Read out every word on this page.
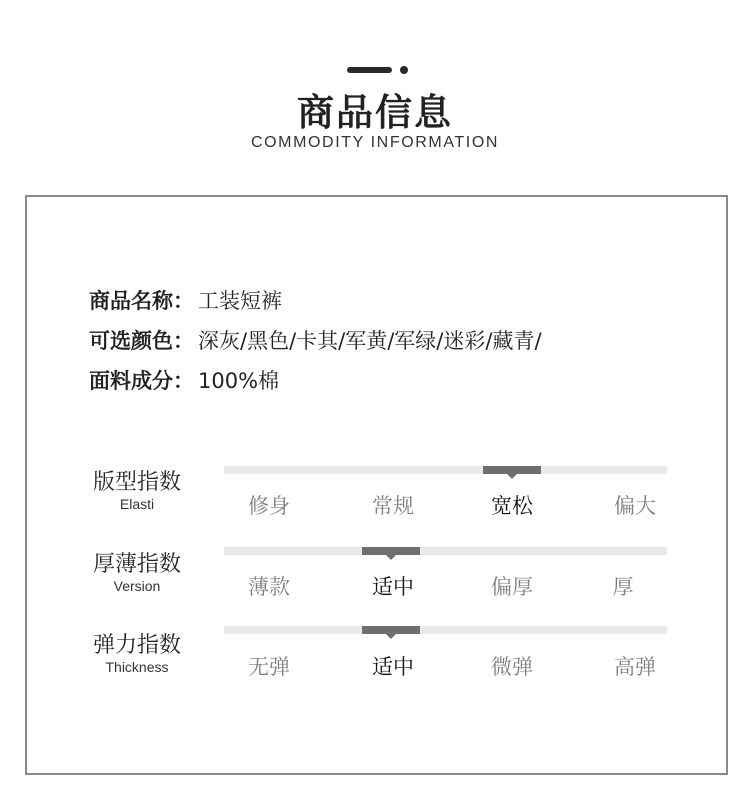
商品信息
COMMODITY INFORMATION
商品名称： 工装短裤
可选颜色： 深灰/黑色/卡其/军黄/军绿/迷彩/藏青/
面料成分： 100%棉
版型指数
Elasti	修身	常规	宽松	偏大
厚薄指数
Version	薄款	适中	偏厚	厚
弹力指数
Thickness	无弹	适中	微弹	高弹
